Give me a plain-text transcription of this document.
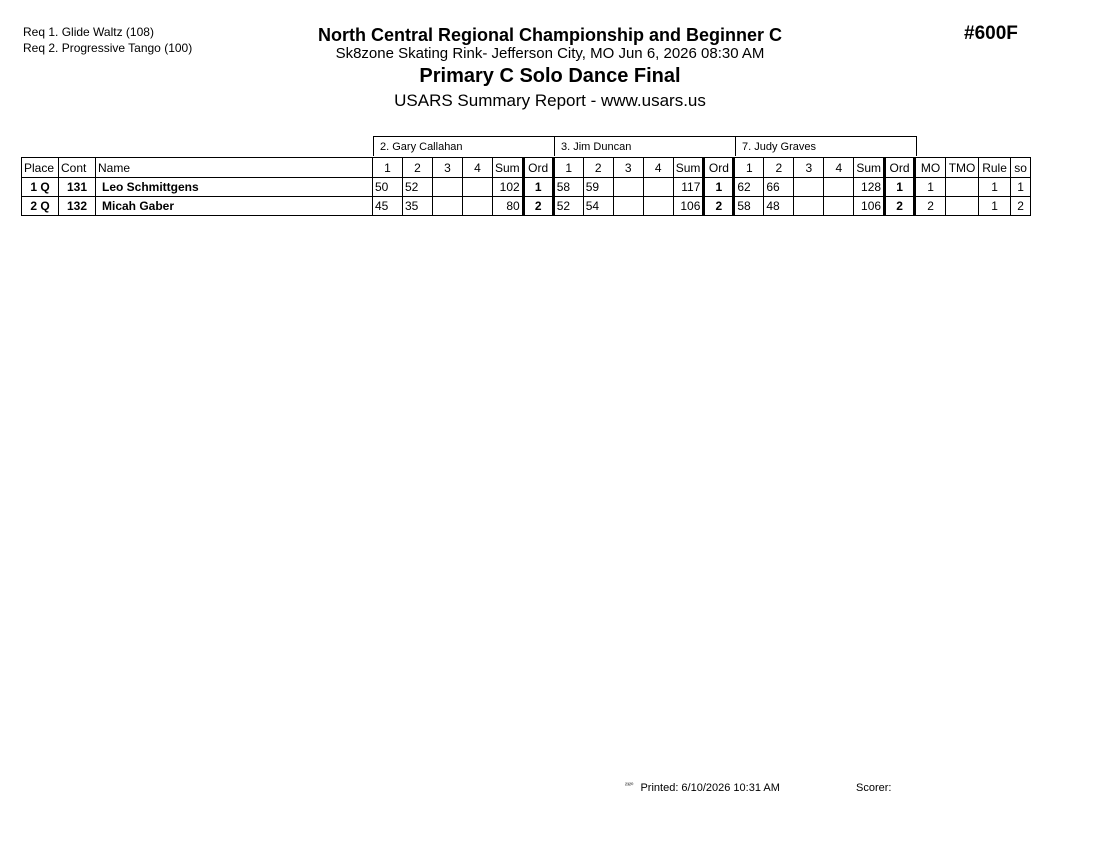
Req 1. Glide Waltz (108)
Req 2. Progressive Tango (100)
North Central Regional Championship and Beginner C
Sk8zone Skating Rink- Jefferson City, MO Jun 6, 2026 08:30 AM
Primary C Solo Dance Final
USARS Summary Report - www.usars.us
#600F
2. Gary Callahan	3. Jim Duncan	7. Judy Graves
Place	Cont	Name	1	2	3	4	Sum	Ord	1	2	3	4	Sum	Ord	1	2	3	4	Sum	Ord	MO	TMO	Rule	so
1 Q	131	Leo Schmittgens	50	52			102	1	58	59			117	1	62	66			128	1	1		1	1
2 Q	132	Micah Gaber	45	35			80	2	52	54			106	2	58	48			106	2	2		1	2
$^{^{2320}}$ Printed: 6/10/2026 10:31 AM	Scorer:
